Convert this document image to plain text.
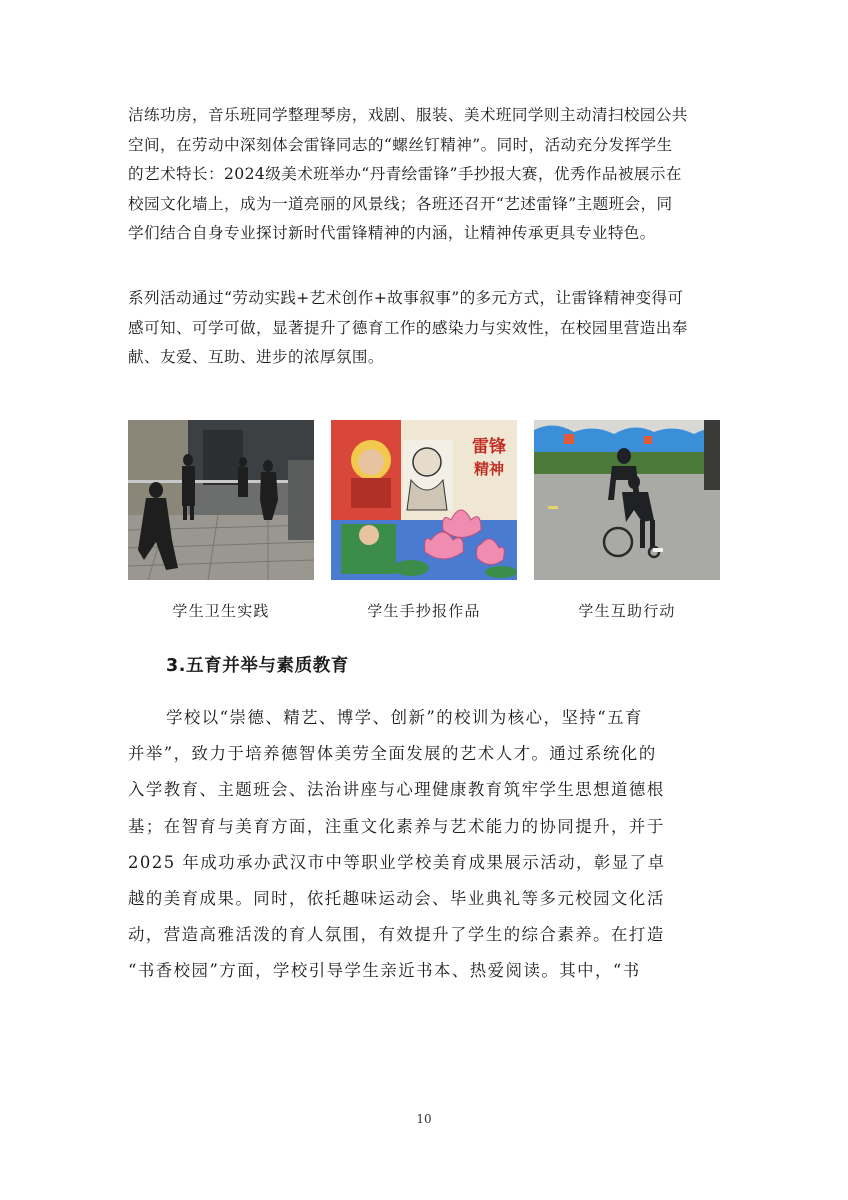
洁练功房，音乐班同学整理琴房，戏剧、服装、美术班同学则主动清扫校园公共
空间，在劳动中深刻体会雷锋同志的“螺丝钉精神”。同时，活动充分发挥学生
的艺术特长：2024级美术班举办“丹青绘雷锋”手抄报大赛，优秀作品被展示在
校园文化墙上，成为一道亮丽的风景线；各班还召开“艺述雷锋”主题班会，同
学们结合自身专业探讨新时代雷锋精神的内涵，让精神传承更具专业特色。
系列活动通过“劳动实践+艺术创作+故事叙事”的多元方式，让雷锋精神变得可
感可知、可学可做，显著提升了德育工作的感染力与实效性，在校园里营造出奉
献、友爱、互助、进步的浓厚氛围。
雷锋
精神
学生卫生实践	学生手抄报作品	学生互助行动
3.五育并举与素质教育
学校以“崇德、精艺、博学、创新”的校训为核心，坚持“五育
并举”，致力于培养德智体美劳全面发展的艺术人才。通过系统化的
入学教育、主题班会、法治讲座与心理健康教育筑牢学生思想道德根
基；在智育与美育方面，注重文化素养与艺术能力的协同提升，并于
2025 年成功承办武汉市中等职业学校美育成果展示活动，彰显了卓
越的美育成果。同时，依托趣味运动会、毕业典礼等多元校园文化活
动，营造高雅活泼的育人氛围，有效提升了学生的综合素养。在打造
“书香校园”方面，学校引导学生亲近书本、热爱阅读。其中，“书
10
